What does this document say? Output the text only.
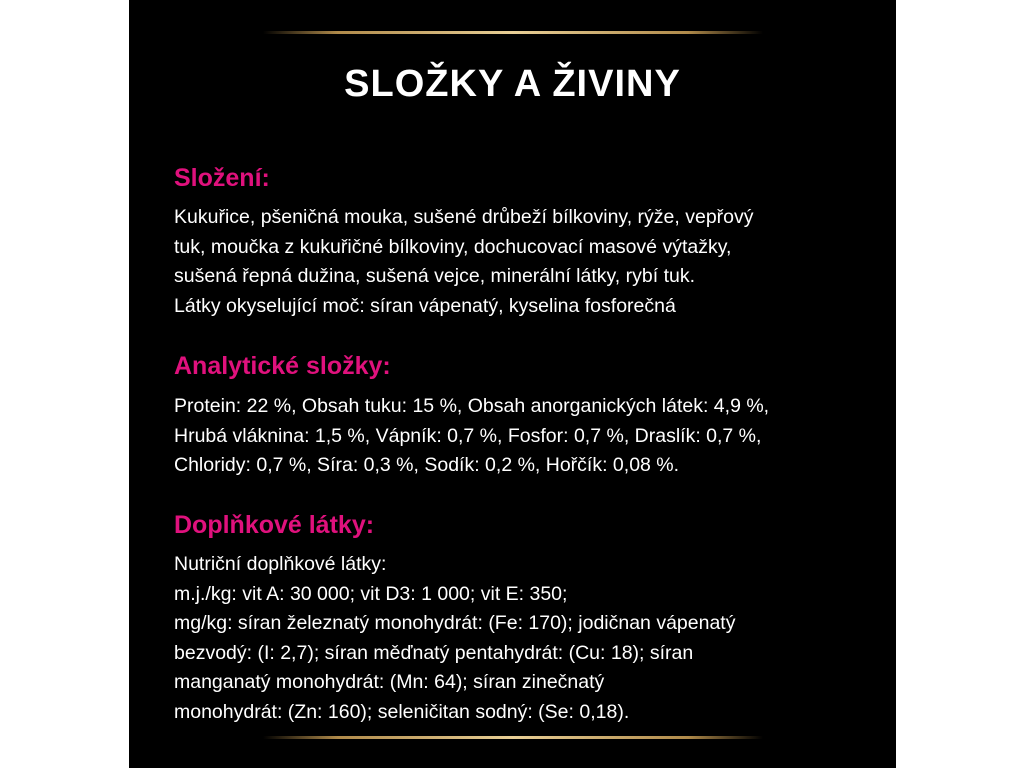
SLOŽKY A ŽIVINY
Složení:

Kukuřice, pšeničná mouka, sušené drůbeží bílkoviny, rýže, vepřový
tuk, moučka z kukuřičné bílkoviny, dochucovací masové výtažky,
sušená řepná dužina, sušená vejce, minerální látky, rybí tuk.
Látky okyselující moč: síran vápenatý, kyselina fosforečná

Analytické složky:

Protein: 22 %, Obsah tuku: 15 %, Obsah anorganických látek: 4,9 %,
Hrubá vláknina: 1,5 %, Vápník: 0,7 %, Fosfor: 0,7 %, Draslík: 0,7 %,
Chloridy: 0,7 %, Síra: 0,3 %, Sodík: 0,2 %, Hořčík: 0,08 %.

Doplňkové látky:

Nutriční doplňkové látky:
m.j./kg: vit A: 30 000; vit D3: 1 000; vit E: 350;
mg/kg: síran železnatý monohydrát: (Fe: 170); jodičnan vápenatý
bezvodý: (I: 2,7); síran měďnatý pentahydrát: (Cu: 18); síran
manganatý monohydrát: (Mn: 64); síran zinečnatý
monohydrát: (Zn: 160); seleničitan sodný: (Se: 0,18).
